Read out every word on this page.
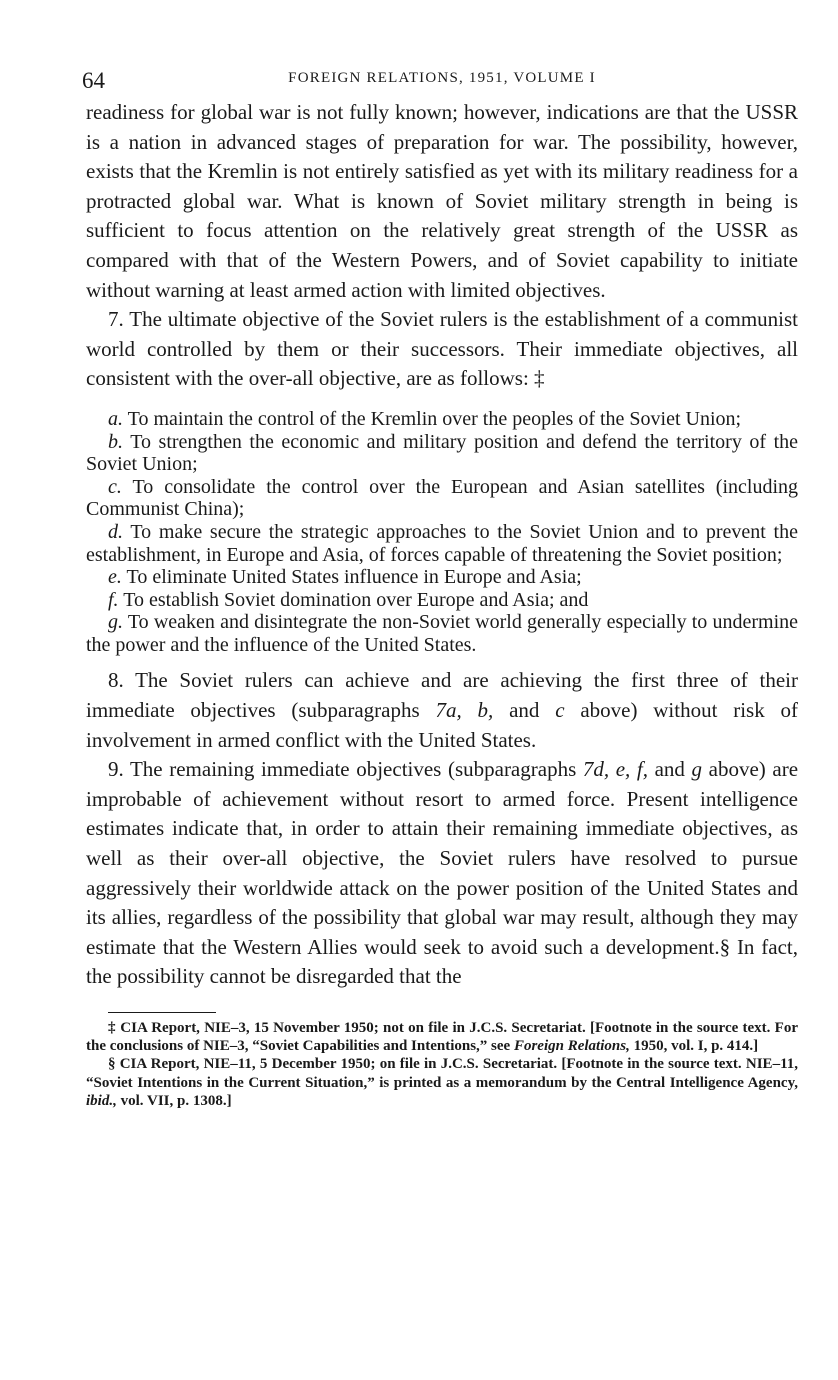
64	FOREIGN RELATIONS, 1951, VOLUME I

readiness for global war is not fully known; however, indications are that the USSR is a nation in advanced stages of preparation for war. The possibility, however, exists that the Kremlin is not entirely satisfied as yet with its military readiness for a protracted global war. What is known of Soviet military strength in being is sufficient to focus attention on the relatively great strength of the USSR as compared with that of the Western Powers, and of Soviet capability to initiate without warning at least armed action with limited objectives.

7. The ultimate objective of the Soviet rulers is the establishment of a communist world controlled by them or their successors. Their immediate objectives, all consistent with the over-all objective, are as follows: ‡

a. To maintain the control of the Kremlin over the peoples of the Soviet Union;

b. To strengthen the economic and military position and defend the territory of the Soviet Union;

c. To consolidate the control over the European and Asian satellites (including Communist China);

d. To make secure the strategic approaches to the Soviet Union and to prevent the establishment, in Europe and Asia, of forces capable of threatening the Soviet position;

e. To eliminate United States influence in Europe and Asia;

f. To establish Soviet domination over Europe and Asia; and

g. To weaken and disintegrate the non-Soviet world generally especially to undermine the power and the influence of the United States.

8. The Soviet rulers can achieve and are achieving the first three of their immediate objectives (subparagraphs 7a, b, and c above) without risk of involvement in armed conflict with the United States.

9. The remaining immediate objectives (subparagraphs 7d, e, f, and g above) are improbable of achievement without resort to armed force. Present intelligence estimates indicate that, in order to attain their remaining immediate objectives, as well as their over-all objective, the Soviet rulers have resolved to pursue aggressively their worldwide attack on the power position of the United States and its allies, regardless of the possibility that global war may result, although they may estimate that the Western Allies would seek to avoid such a development.§ In fact, the possibility cannot be disregarded that the

‡ CIA Report, NIE–3, 15 November 1950; not on file in J.C.S. Secretariat. [Footnote in the source text. For the conclusions of NIE–3, “Soviet Capabilities and Intentions,” see Foreign Relations, 1950, vol. I, p. 414.]

§ CIA Report, NIE–11, 5 December 1950; on file in J.C.S. Secretariat. [Footnote in the source text. NIE–11, “Soviet Intentions in the Current Situation,” is printed as a memorandum by the Central Intelligence Agency, ibid., vol. VII, p. 1308.]
